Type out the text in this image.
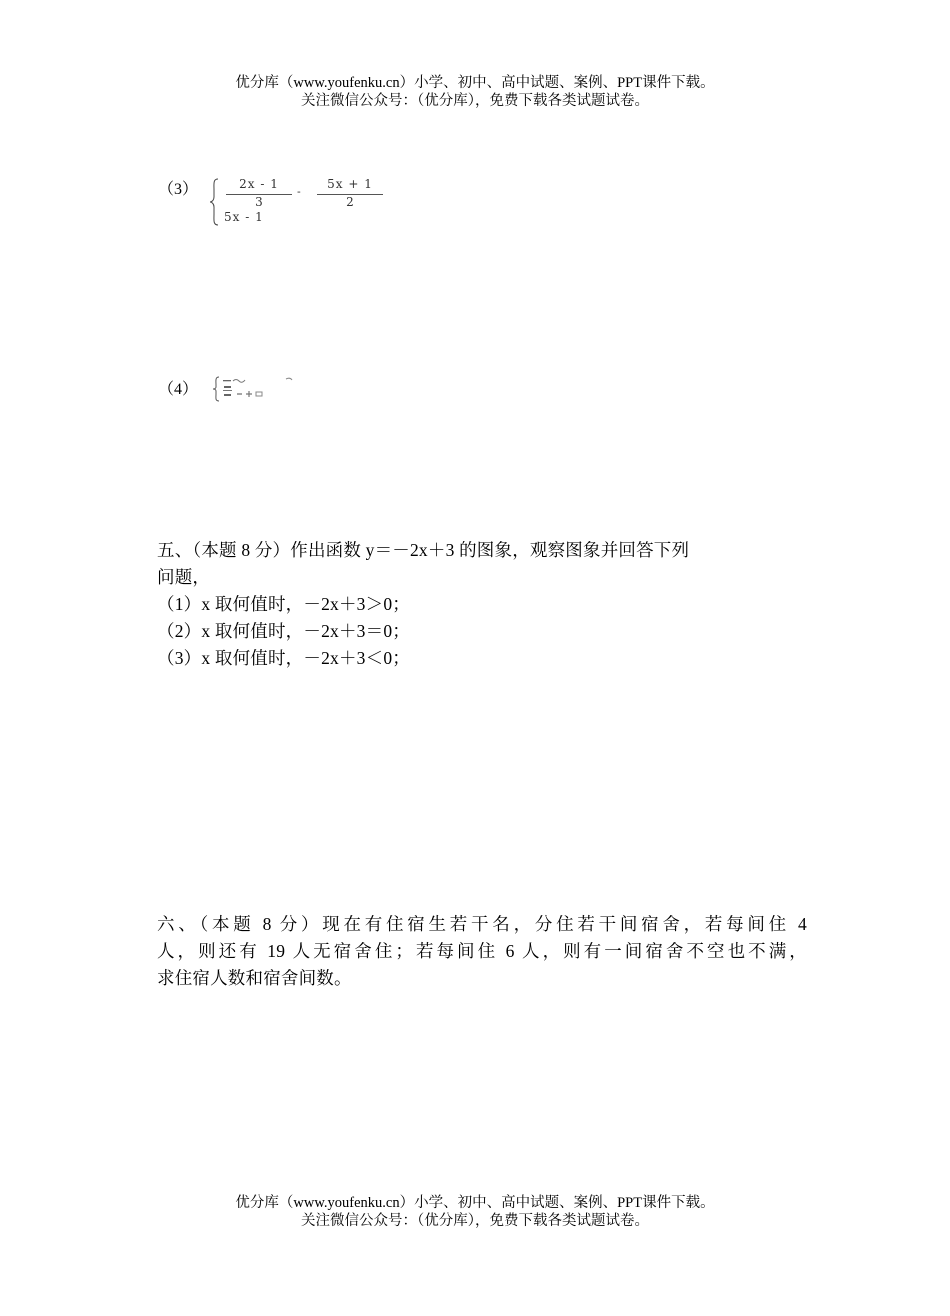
优分库（www.youfenku.cn）小学、初中、高中试题、案例、PPT课件下载。
关注微信公众号：（优分库），免费下载各类试题试卷。
（3）	2x - 1
3
-
5x + 1
2
5x - 1
（4）
五、（本题 8 分）作出函数 y＝－2x＋3 的图象，观察图象并回答下列
问题，
（1）x 取何值时，－2x＋3＞0；
（2）x 取何值时，－2x＋3＝0；
（3）x 取何值时，－2x＋3＜0；
六、（本题 8 分）现在有住宿生若干名，分住若干间宿舍，若每间住 4
人，则还有 19 人无宿舍住；若每间住 6 人，则有一间宿舍不空也不满，
求住宿人数和宿舍间数。
优分库（www.youfenku.cn）小学、初中、高中试题、案例、PPT课件下载。
关注微信公众号：（优分库），免费下载各类试题试卷。
